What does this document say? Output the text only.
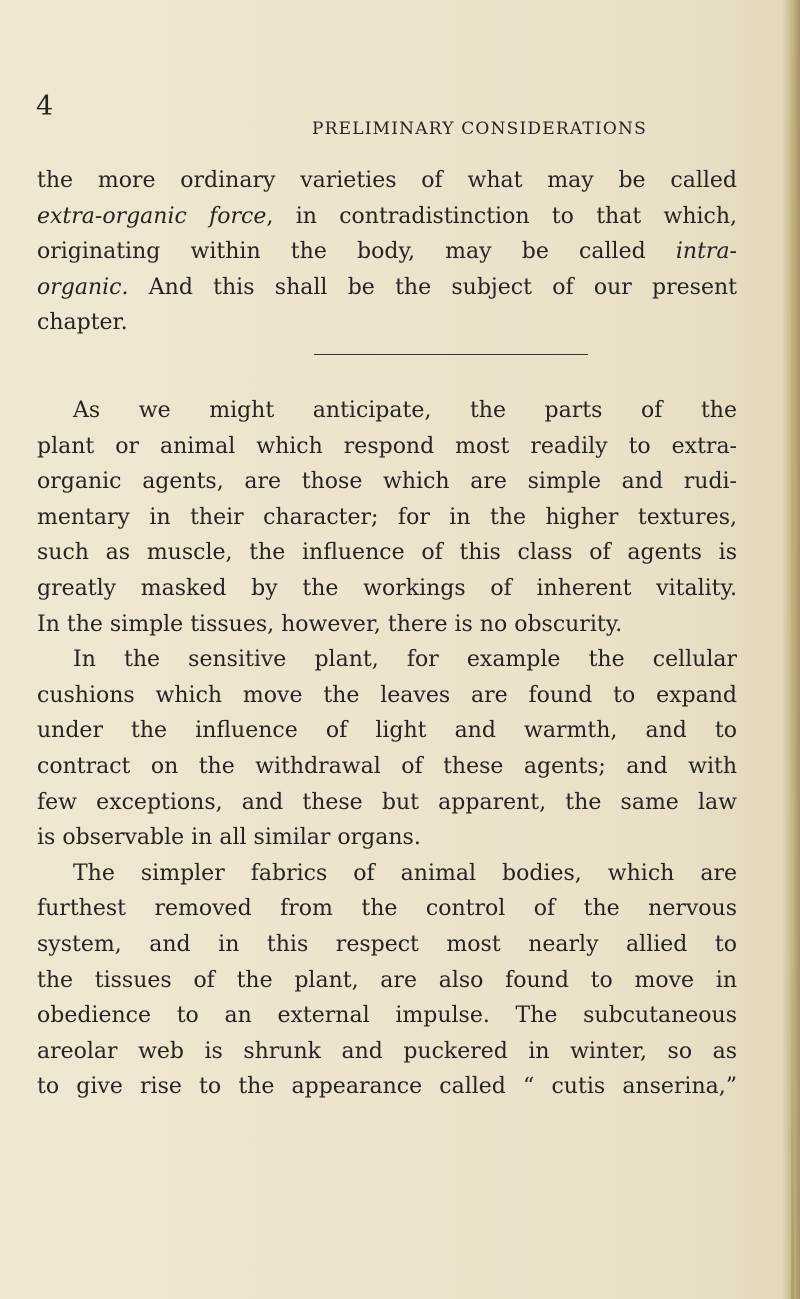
4

PRELIMINARY CONSIDERATIONS

the more ordinary varieties of what may be called
extra-organic force, in contradistinction to that which,
originating within the body, may be called intra-
organic. And this shall be the subject of our present
chapter.
As we might anticipate, the parts of the
plant or animal which respond most readily to extra-
organic agents, are those which are simple and rudi-
mentary in their character; for in the higher textures,
such as muscle, the influence of this class of agents is
greatly masked by the workings of inherent vitality.
In the simple tissues, however, there is no obscurity.
In the sensitive plant, for example the cellular
cushions which move the leaves are found to expand
under the influence of light and warmth, and to
contract on the withdrawal of these agents; and with
few exceptions, and these but apparent, the same law
is observable in all similar organs.
The simpler fabrics of animal bodies, which are
furthest removed from the control of the nervous
system, and in this respect most nearly allied to
the tissues of the plant, are also found to move in
obedience to an external impulse. The subcutaneous
areolar web is shrunk and puckered in winter, so as
to give rise to the appearance called “ cutis anserina,”
